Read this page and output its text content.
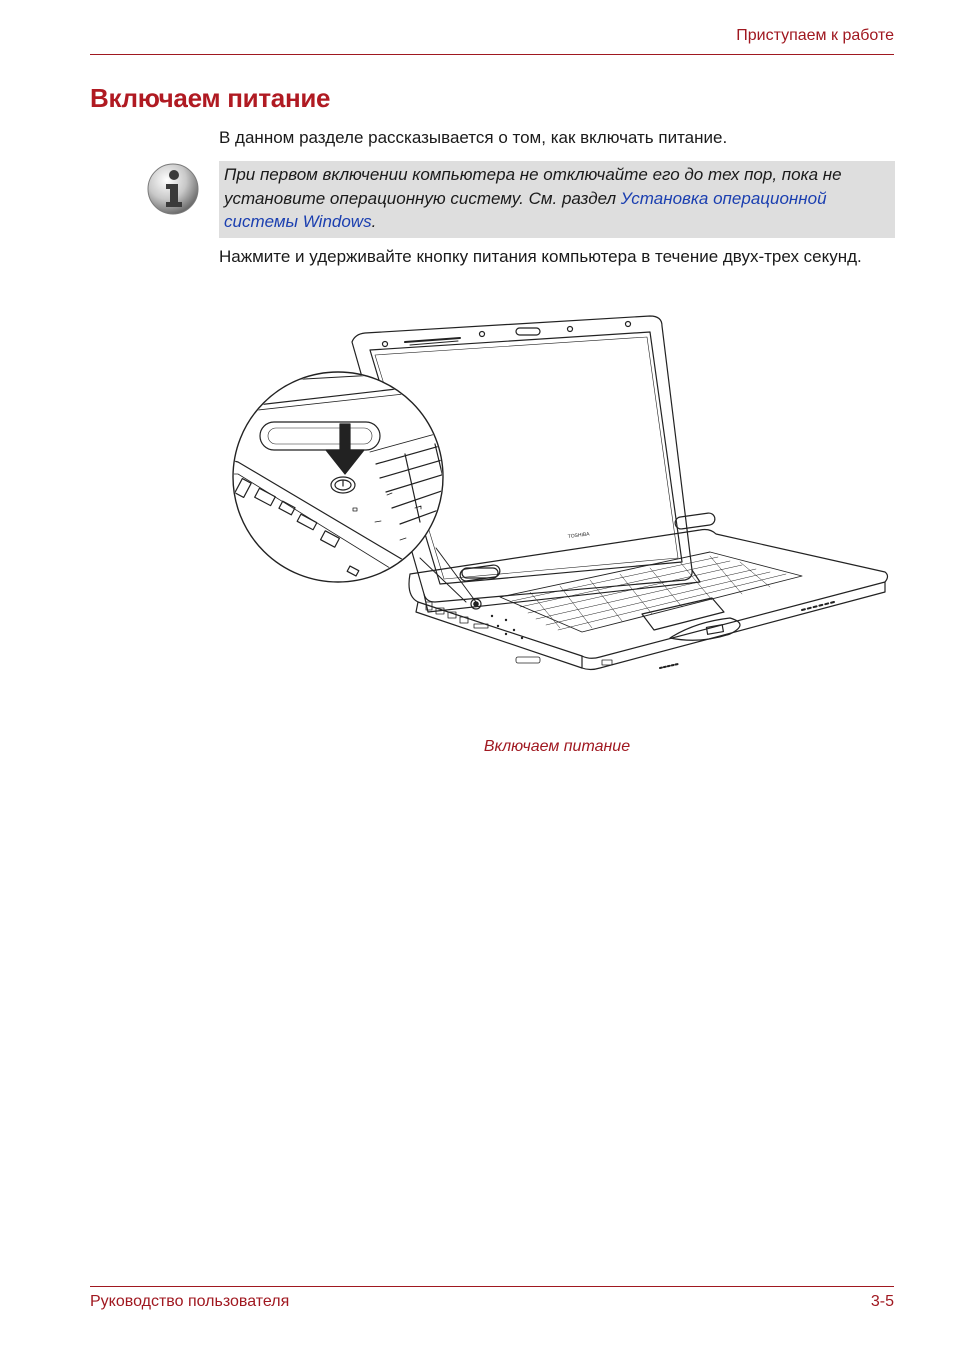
Приступаем к работе
Включаем питание

В данном разделе рассказывается о том, как включать питание.

При первом включении компьютера не отключайте его до тех пор, пока не установите операционную систему. См. раздел Установка операционной системы Windows.

Нажмите и удерживайте кнопку питания компьютера в течение двух-трех секунд.

TOSHIBA
Включаем питание
Руководство пользователя	3-5
